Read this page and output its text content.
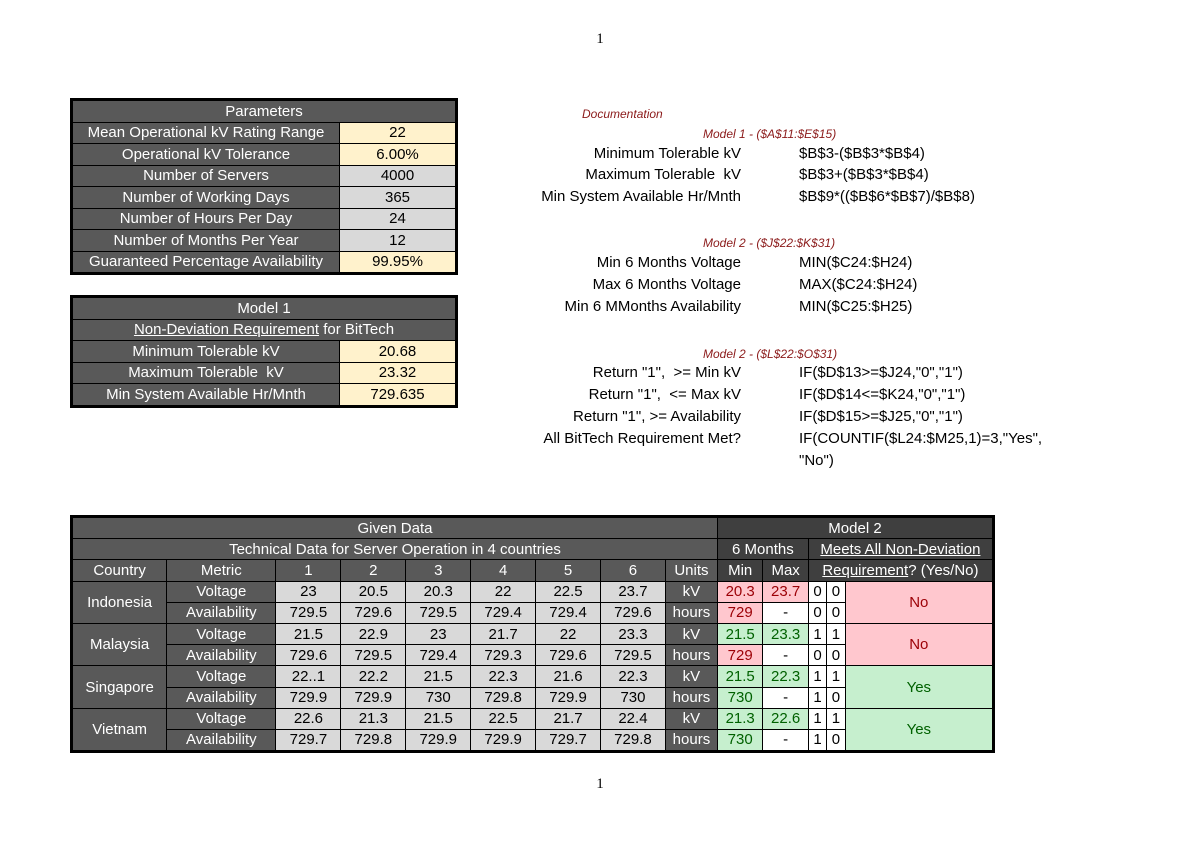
1
1
Parameters	
Mean Operational kV Rating Range	22
Operational kV Tolerance	6.00%
Number of Servers	4000
Number of Working Days	365
Number of Hours Per Day	24
Number of Months Per Year	12
Guaranteed Percentage Availability	99.95%
Model 1	
Non-Deviation Requirement for BitTech	
Minimum Tolerable kV	20.68
Maximum Tolerable  kV	23.32
Min System Available Hr/Mnth	729.635
Documentation
Model 1 - ($A$11:$E$15)
Minimum Tolerable kV	$B$3-($B$3*$B$4)
Maximum Tolerable  kV	$B$3+($B$3*$B$4)
Min System Available Hr/Mnth	$B$9*(($B$6*$B$7)/$B$8)
Model 2 - ($J$22:$K$31)
Min 6 Months Voltage	MIN($C24:$H24)
Max 6 Months Voltage	MAX($C24:$H24)
Min 6 MMonths Availability	MIN($C25:$H25)
Model 2 - ($L$22:$O$31)
Return "1",  >= Min kV	IF($D$13>=$J24,"0","1")
Return "1",  <= Max kV	IF($D$14<=$K24,"0","1")
Return "1", >= Availability	IF($D$15>=$J25,"0","1")
All BitTech Requirement Met?	IF(COUNTIF($L24:$M25,1)=3,"Yes",
"No")
Given Data									Model 2				
Technical Data for Server Operation in 4 countries									6 Months		Meets All Non-Deviation		
Country	Metric	1	2	3	4	5	6	Units	Min	Max	Requirement? (Yes/No)		
Indonesia	Voltage	23	20.5	20.3	22	22.5	23.7	kV	20.3	23.7	0	0	No
	Availability	729.5	729.6	729.5	729.4	729.4	729.6	hours	729	-	0	0	
Malaysia	Voltage	21.5	22.9	23	21.7	22	23.3	kV	21.5	23.3	1	1	No
	Availability	729.6	729.5	729.4	729.3	729.6	729.5	hours	729	-	0	0	
Singapore	Voltage	22..1	22.2	21.5	22.3	21.6	22.3	kV	21.5	22.3	1	1	Yes
	Availability	729.9	729.9	730	729.8	729.9	730	hours	730	-	1	0	
Vietnam	Voltage	22.6	21.3	21.5	22.5	21.7	22.4	kV	21.3	22.6	1	1	Yes
	Availability	729.7	729.8	729.9	729.9	729.7	729.8	hours	730	-	1	0	
